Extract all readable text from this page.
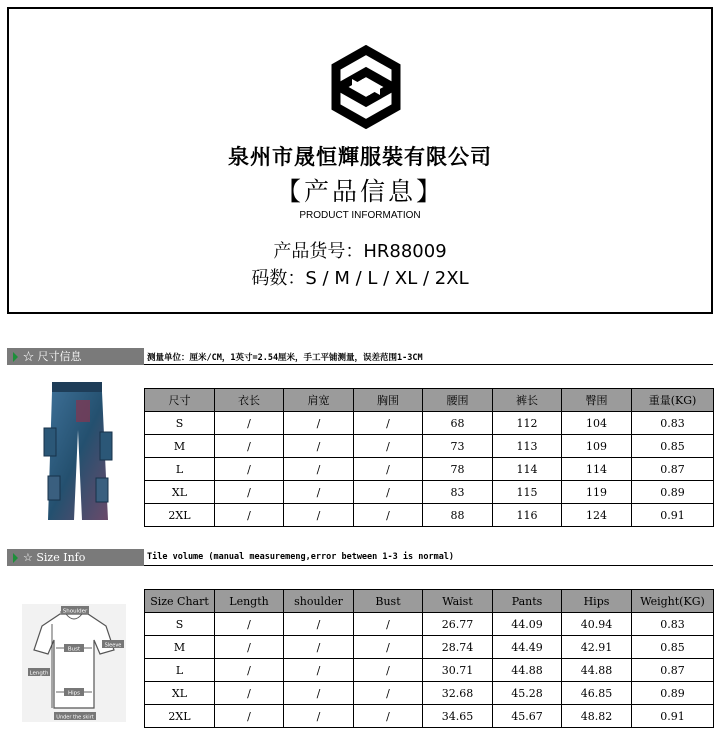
泉州市晟恒輝服裝有限公司
【产品信息】
PRODUCT INFORMATION
产品货号：HR88009
码数：S / M / L / XL / 2XL
☆ 尺寸信息	测量单位：厘米/CM，1英寸=2.54厘米，手工平铺测量，误差范围1-3CM
尺寸	衣长	肩宽	胸围	腰围	裤长	臀围	重量(KG)
S	/	/	/	68	112	104	0.83
M	/	/	/	73	113	109	0.85
L	/	/	/	78	114	114	0.87
XL	/	/	/	83	115	119	0.89
2XL	/	/	/	88	116	124	0.91
☆ Size Info	Tile volume (manual measuremeng,error between 1-3 is normal)
Shoulder
Bust
Length
Sleeve
Hips
Under the skirt
Size Chart	Length	shoulder	Bust	Waist	Pants	Hips	Weight(KG)
S	/	/	/	26.77	44.09	40.94	0.83
M	/	/	/	28.74	44.49	42.91	0.85
L	/	/	/	30.71	44.88	44.88	0.87
XL	/	/	/	32.68	45.28	46.85	0.89
2XL	/	/	/	34.65	45.67	48.82	0.91
